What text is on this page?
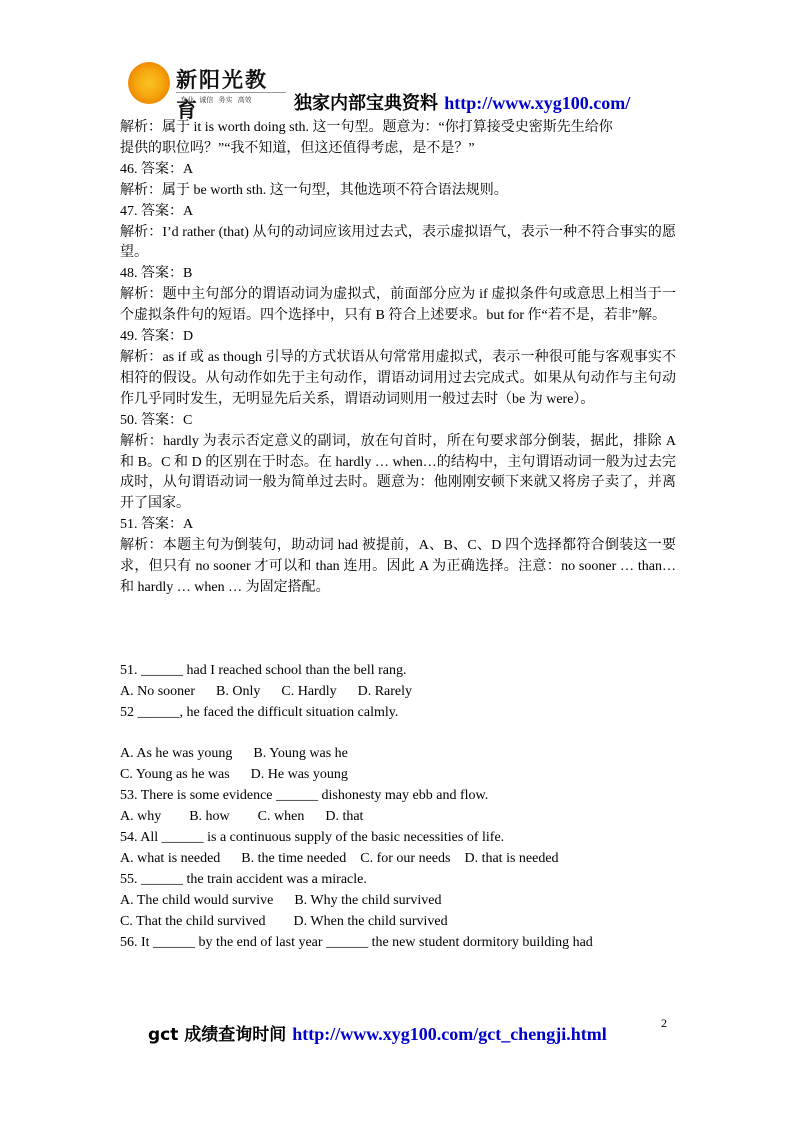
新阳光教育
专业 诚信 务实 高效 独家内部宝典资料 http://www.xyg100.com/

解析：属于 it is worth doing sth. 这一句型。题意为：“你打算接受史密斯先生给你

提供的职位吗？”“我不知道，但这还值得考虑，是不是？”

46. 答案：A

解析：属于 be worth sth. 这一句型，其他选项不符合语法规则。

47. 答案：A

解析：I’d rather (that) 从句的动词应该用过去式，表示虚拟语气，表示一种不符合事实的愿望。

48. 答案：B

解析：题中主句部分的谓语动词为虚拟式，前面部分应为 if 虚拟条件句或意思上相当于一个虚拟条件句的短语。四个选择中，只有 B 符合上述要求。but for 作“若不是，若非”解。

49. 答案：D

解析：as if 或 as though 引导的方式状语从句常常用虚拟式，表示一种很可能与客观事实不相符的假设。从句动作如先于主句动作，谓语动词用过去完成式。如果从句动作与主句动作几乎同时发生，无明显先后关系，谓语动词则用一般过去时（be 为 were）。

50. 答案：C

解析：hardly 为表示否定意义的副词，放在句首时，所在句要求部分倒装，据此，排除 A 和 B。C 和 D 的区别在于时态。在 hardly … when…的结构中，主句谓语动词一般为过去完成时，从句谓语动词一般为简单过去时。题意为：他刚刚安顿下来就又将房子卖了，并离开了国家。

51. 答案：A

解析：本题主句为倒装句，助动词 had 被提前，A、B、C、D 四个选择都符合倒装这一要求，但只有 no sooner 才可以和 than 连用。因此 A 为正确选择。注意：no sooner … than…和 hardly … when … 为固定搭配。

51. ______ had I reached school than the bell rang.

A. No sooner      B. Only      C. Hardly      D. Rarely

52 ______, he faced the difficult situation calmly.

A. As he was young      B. Young was he

C. Young as he was      D. He was young

53. There is some evidence ______ dishonesty may ebb and flow.

A. why        B. how        C. when      D. that

54. All ______ is a continuous supply of the basic necessities of life.

A. what is needed      B. the time needed    C. for our needs    D. that is needed

55. ______ the train accident was a miracle.

A. The child would survive      B. Why the child survived

C. That the child survived        D. When the child survived

56. It ______ by the end of last year ______ the new student dormitory building had

gct 成绩查询时间 http://www.xyg100.com/gct_chengji.html
2
